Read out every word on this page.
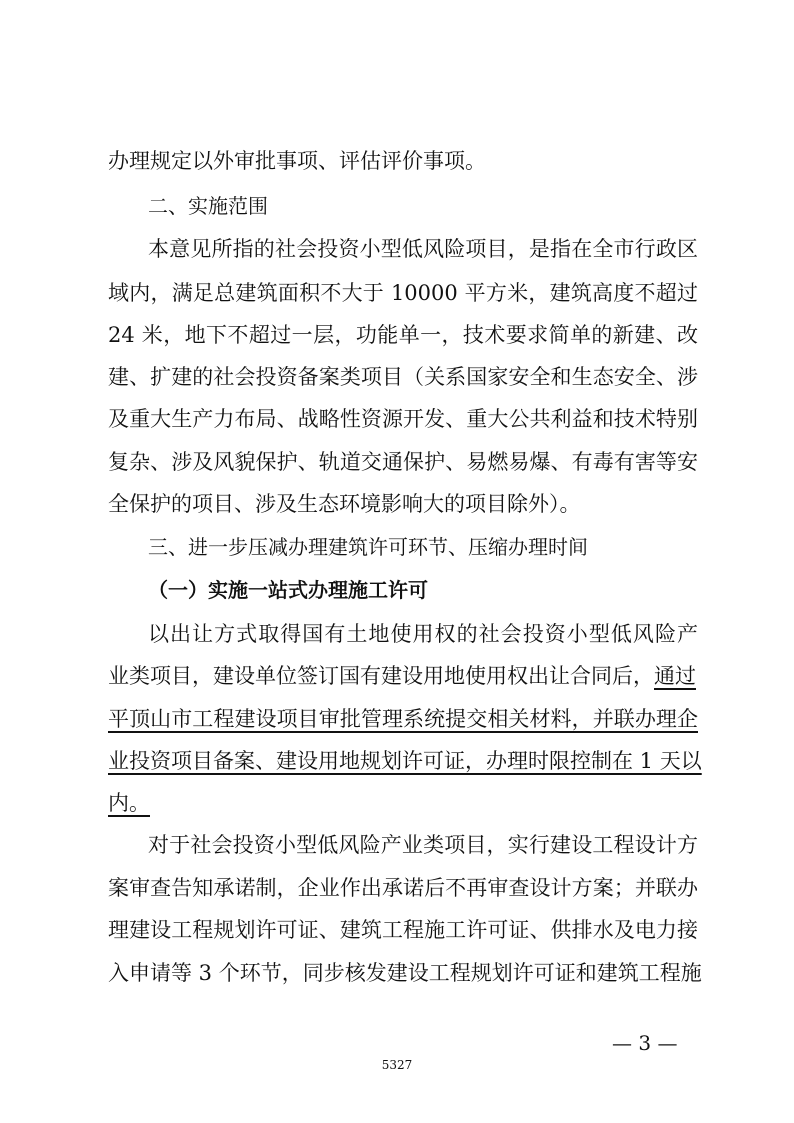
办理规定以外审批事项、评估评价事项。
二、实施范围
本意见所指的社会投资小型低风险项目，是指在全市行政区
域内，满足总建筑面积不大于 10000 平方米，建筑高度不超过
24 米，地下不超过一层，功能单一，技术要求简单的新建、改
建、扩建的社会投资备案类项目（关系国家安全和生态安全、涉
及重大生产力布局、战略性资源开发、重大公共利益和技术特别
复杂、涉及风貌保护、轨道交通保护、易燃易爆、有毒有害等安
全保护的项目、涉及生态环境影响大的项目除外）。
三、进一步压减办理建筑许可环节、压缩办理时间
（一）实施一站式办理施工许可
以出让方式取得国有土地使用权的社会投资小型低风险产
业类项目，建设单位签订国有建设用地使用权出让合同后， 通过
平顶山市工程建设项目审批管理系统提交相关材料，并联办理企
业投资项目备案、建设用地规划许可证，办理时限控制在 1 天以
内。
对于社会投资小型低风险产业类项目，实行建设工程设计方
案审查告知承诺制，企业作出承诺后不再审查设计方案；并联办
理建设工程规划许可证、建筑工程施工许可证、供排水及电力接
入申请等 3 个环节，同步核发建设工程规划许可证和建筑工程施
— 3 —
5327
